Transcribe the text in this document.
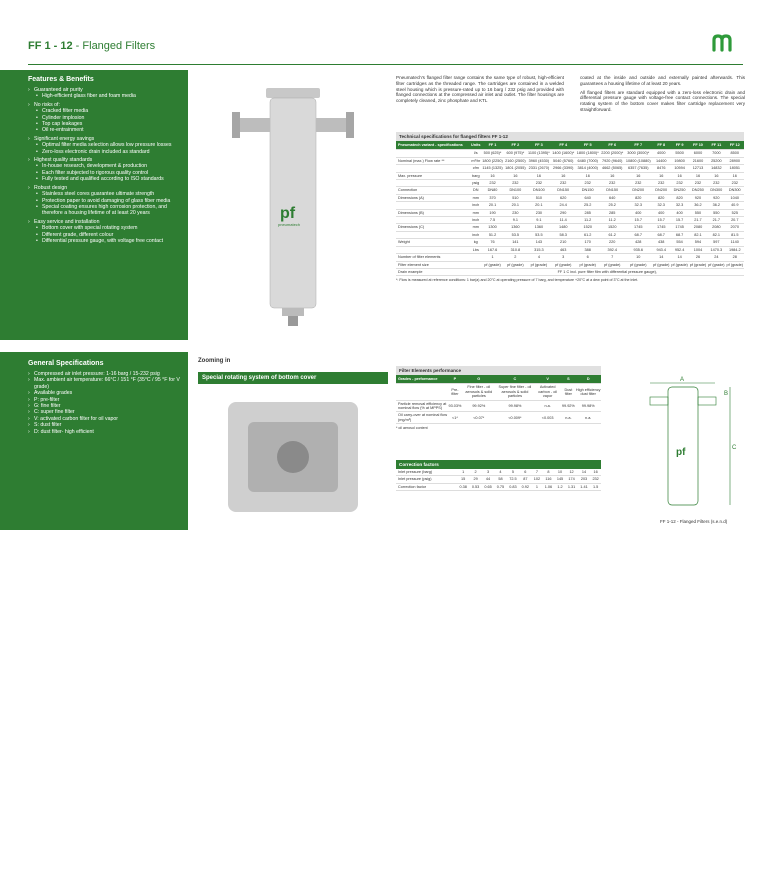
FF 1 - 12 - Flanged Filters
Features & Benefits
› Guaranteed air purity
• High-efficient glass fiber and foam media
› No risks of:
• Cracked filter media
• Cylinder implosion
• Top cap leakages
• Oil re-entrainment
› Significant energy savings
• Optimal filter media selection allows low pressure losses
• Zero-loss electronic drain included as standard
› Highest quality standards
• In-house research, development & production
• Each filter subjected to rigorous quality control
• Fully tested and qualified according to ISO standards
› Robust design
• Stainless steel cores guarantee ultimate strength
• Protection paper to avoid damaging of glass fiber media
• Special coating ensures high corrosion protection, and therefore a housing lifetime of at least 20 years
› Easy service and installation
• Bottom cover with special rotating system
• Different grade, different colour
• Differential pressure gauge, with voltage free contact
General Specifications
› Compressed air inlet pressure: 1-16 barg / 15-232 psig
› Max. ambient air temperature: 66°C / 151 °F (35°C / 95 °F for V grade)
› Available grades
› P: pre-filter
› G: fine filter
› C: super fine filter
› V: activated carbon filter for oil vapor
› S: dust filter
› D: dust filter- high efficient
FF 1-12 (s.e.n.d) - Flanged Filters
pf
pneumatech
Zooming in
Special rotating system of bottom cover
Pneumatech's flanged filter range contains the same type of robust, high-efficient filter cartridges as the threaded range. The cartridges are contained in a welded steel housing which is pressure-rated up to 16 barg / 232 psig and provided with flanged connections at the compressed air inlet and outlet. The filter housings are completely cleaned, zinc phosphate and KTL

coated at the inside and outside and externally painted afterwards. This guarantees a housing lifetime of at least 20 years.

All flanged filters are standard equipped with a zero-loss electronic drain and differential pressure gauge with voltage-free contact connections. The special rotating system of the bottom cover makes filter cartridge replacement very straightforward.

Technical specifications for flanged filters FF 1-12
Pneumatech variant - specifications	Units	FF 1	FF 2	FF 3	FF 4	FF 5	FF 6	FF 7	FF 8	FF 9	FF 10	FF 11	FF 12
	l/s	500 (625)*	600 (975)*	1100 (1395)*	1400 (1600)*	1800 (1800)*	2200 (2000)*	3000 (3000)*	4000	5500	6000	7000	8500
Nominal (max.) Flow rate **	m³/hr	1800 (2250)	2160 (2500)	3960 (4530)	5040 (5760)	6480 (7000)	7920 (9640)	10800 (10880)	14400	19800	21600	25200	28900
	cfm	1145 (1325)	1801 (2055)	2331 (2670)	2966 (3390)	3814 (4000)	4662 (5065)	6357 (7635)	8476	10594	12713	14832	18051
Max. pressure	barg	16	16	16	16	16	16	16	16	16	16	16	16
	psig	232	232	232	232	232	232	232	232	232	232	232	232
Connection	DN	DN80	DN100	DN100	DN150	DN150	DN150	DN200	DN200	DN250	DN250	DN300	DN300
Dimensions (A)	mm	370	510	510	620	640	640	820	820	820	920	920	1040
	inch	20.1	20.1	20.1	24.4	25.2	25.2	32.3	32.3	32.3	36.2	36.2	40.9
Dimensions (B)	mm	190	230	230	290	285	285	400	400	400	550	550	525
	inch	7.5	9.1	9.1	11.4	11.2	11.2	15.7	15.7	15.7	21.7	21.7	20.7
Dimensions (C)	mm	1300	1360	1360	1480	1520	1520	1745	1745	1745	2080	2080	2070
	inch	51.2	53.5	53.5	58.3	61.2	61.2	68.7	68.7	68.7	82.1	82.1	81.5
Weight	kg	76	141	143	210	170	220	428	438	554	594	597	1140
	Lbs	167.6	310.8	315.3	463	388	392.4	935.6	943.4	952.4	1004	1470.3	1984.2
Number of filter elements		1	2	4	3	6	7	10	14	14	26	24	28
Filter element size		pf (grade)	pf (grade)	pf (grade)	pf (grade)	pf (grade)	pf (grade)	pf (grade)	pf (grade)	pf (grade)	pf (grade)	pf (grade)	pf (grade)
Drain example	FF 1 C incl. pure filter film with differential pressure gauge),												
*: Flow is measured at reference conditions: 1 bar(a) and 20°C at operating pressure of 7 barg, and temperature +20°C at a dew point of 3°C at the inlet.
Filter Elements performance
Grades - performance	P	G	C	V	S	D
	Pre-filter	Fine filter - oil aerosols & solid particles	Super fine filter - oil aerosols & solid particles	Activated carbon - oil vapor	Dust filter	High efficiency dust filter
Particle removal efficiency at nominal flow (% at MPPS)	93.03%	99.92%	99.98%	n.a.	99.92%	99.98%
Oil carry-over at nominal flow (mg/m³)	<1*	<0.07*	<0.009*	<0.003	n.a.	n.a.
* oil aerosol content
Correction factors
Inlet pressure (barg)	1	2	3	4	5	6	7	8	10	12	14	16
Inlet pressure (psig)	15	29	44	58	72.5	87	102	116	145	174	203	232
Correction factor	0.38	0.53	0.65	0.75	0.83	0.92	1	1.06	1.2	1.31	1.41	1.5
A
B
C
pf
FF 1-12 - Flanged Filters (s.e.n.d)
